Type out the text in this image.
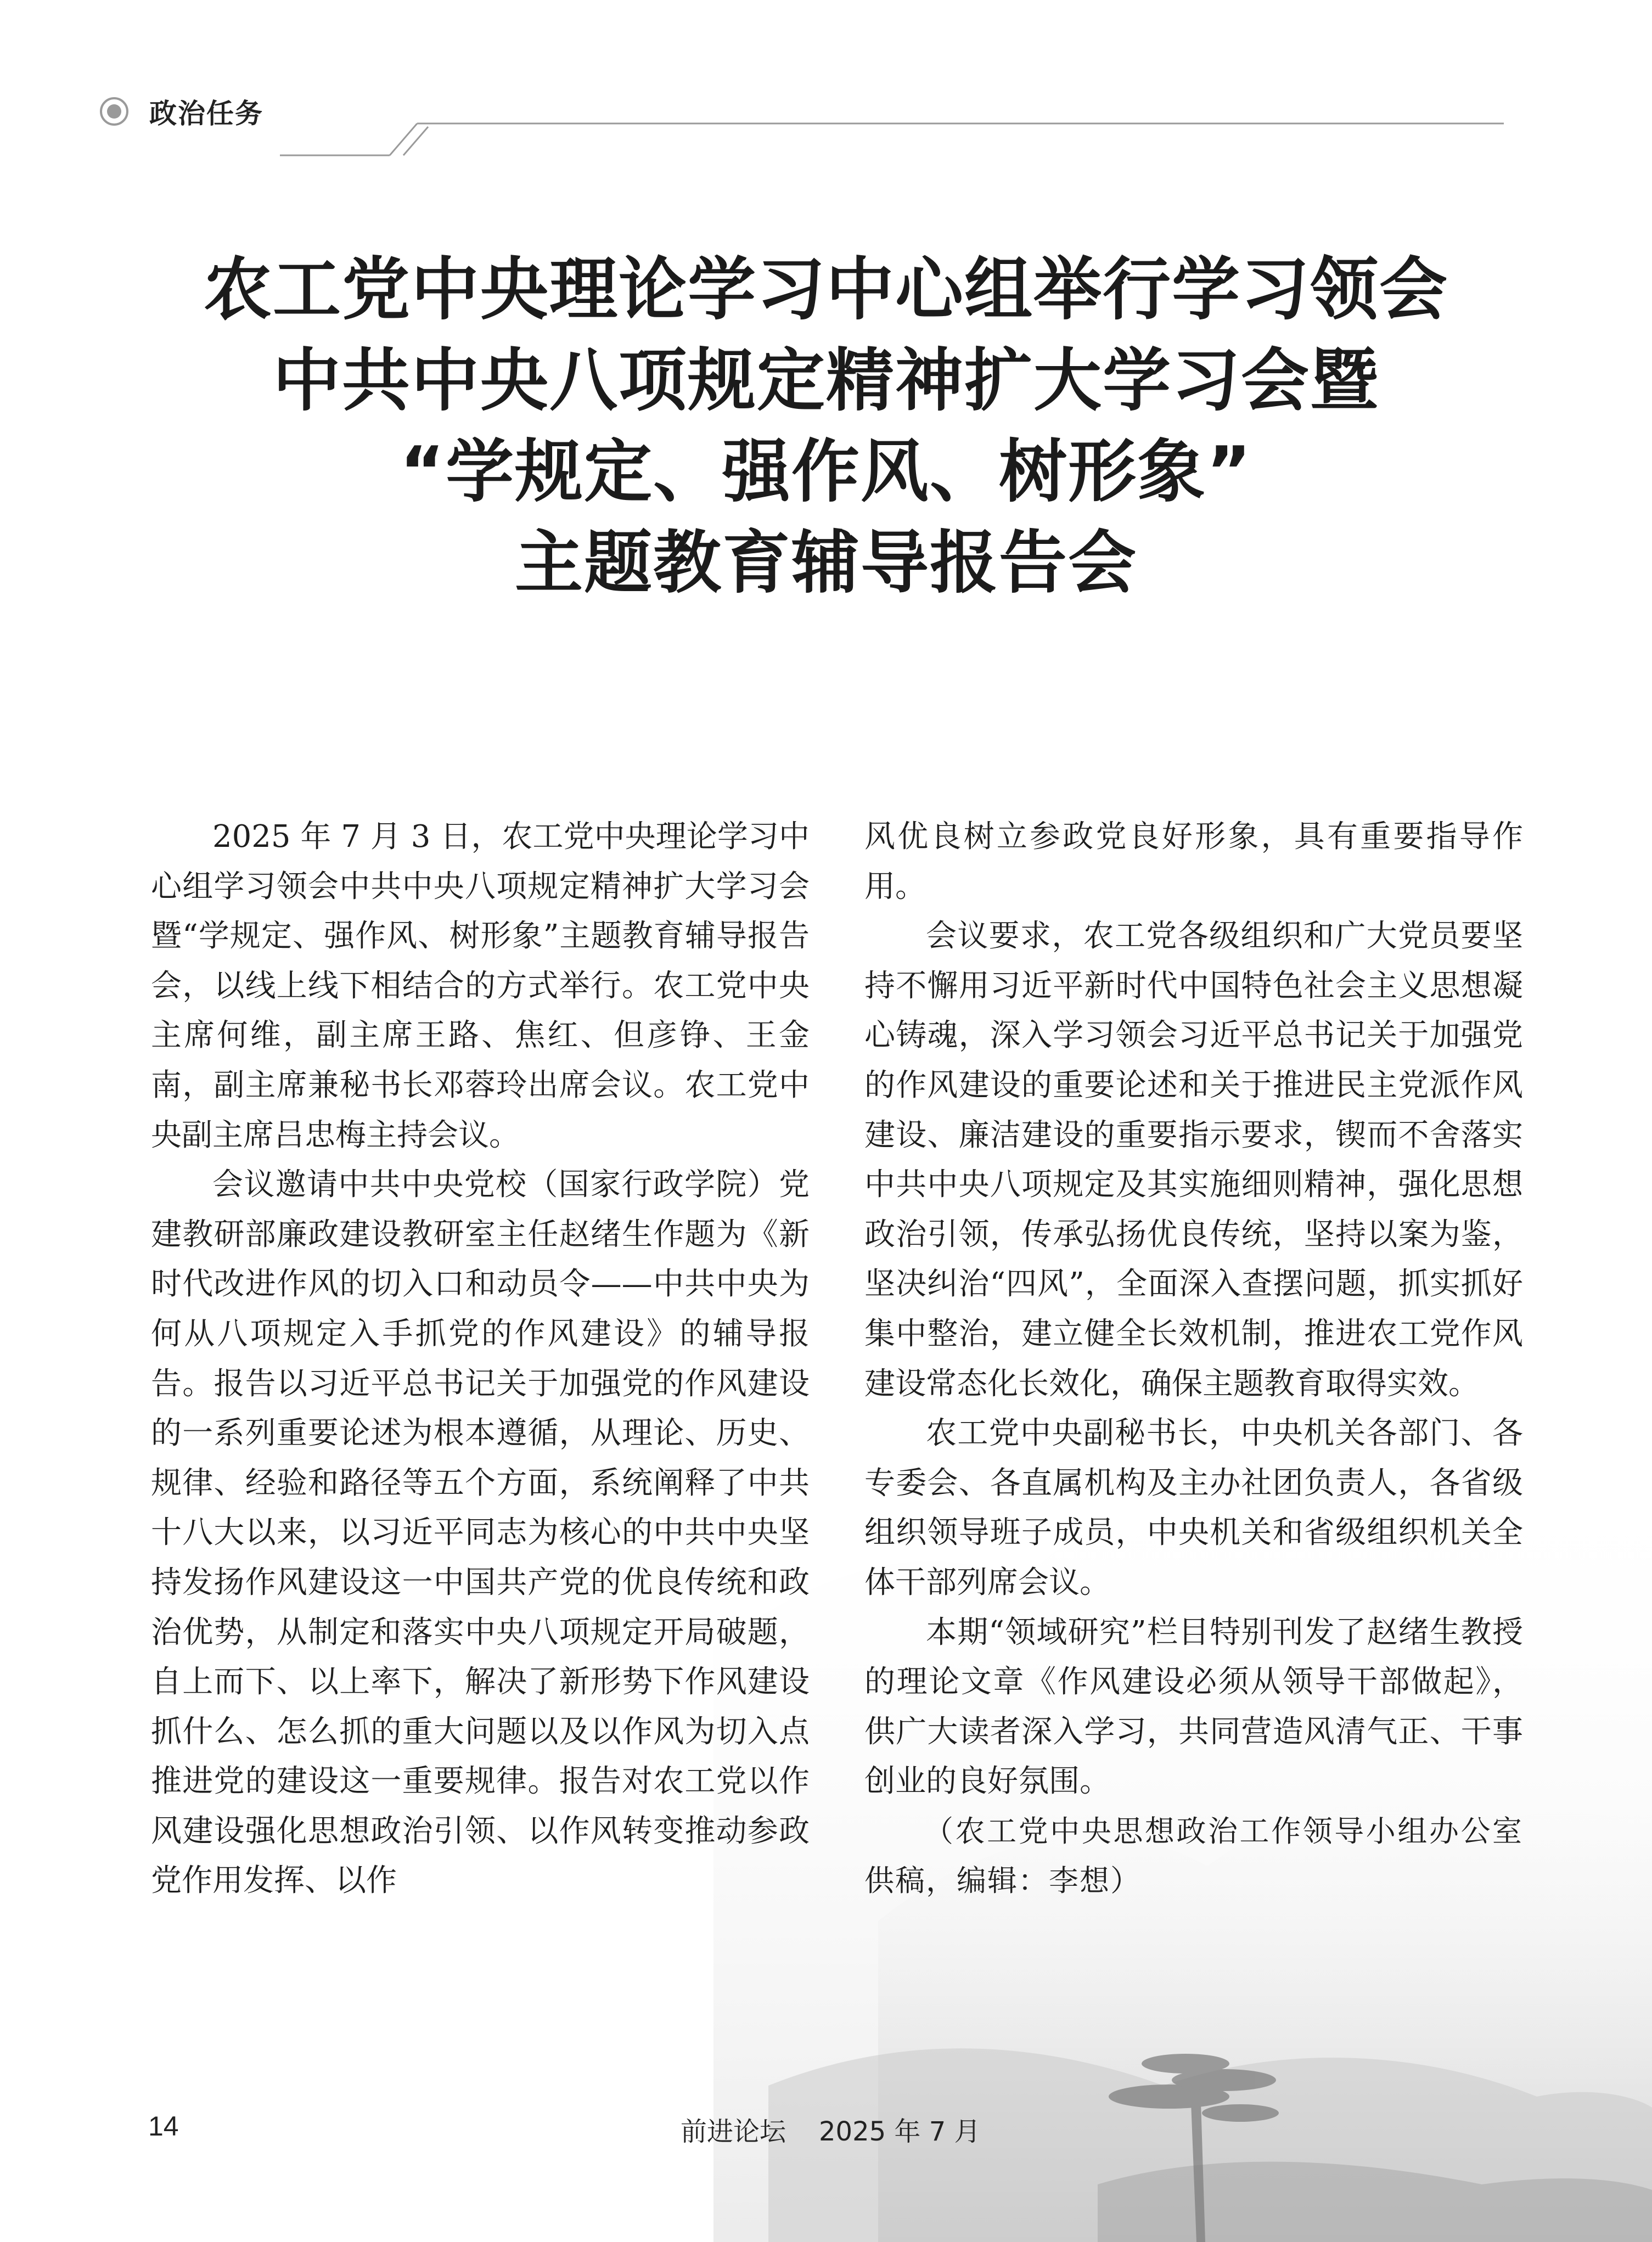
政治任务
农工党中央理论学习中心组举行学习领会
中共中央八项规定精神扩大学习会暨
“学规定、强作风、树形象”
主题教育辅导报告会

2025 年 7 月 3 日，农工党中央理论学习中心组学习领会中共中央八项规定精神扩大学习会暨“学规定、强作风、树形象”主题教育辅导报告会，以线上线下相结合的方式举行。农工党中央主席何维，副主席王路、焦红、但彦铮、王金南，副主席兼秘书长邓蓉玲出席会议。农工党中央副主席吕忠梅主持会议。

会议邀请中共中央党校（国家行政学院）党建教研部廉政建设教研室主任赵绪生作题为《新时代改进作风的切入口和动员令——中共中央为何从八项规定入手抓党的作风建设》的辅导报告。报告以习近平总书记关于加强党的作风建设的一系列重要论述为根本遵循，从理论、历史、规律、经验和路径等五个方面，系统阐释了中共十八大以来，以习近平同志为核心的中共中央坚持发扬作风建设这一中国共产党的优良传统和政治优势，从制定和落实中央八项规定开局破题，自上而下、以上率下，解决了新形势下作风建设抓什么、怎么抓的重大问题以及以作风为切入点推进党的建设这一重要规律。报告对农工党以作风建设强化思想政治引领、以作风转变推动参政党作用发挥、以作

风优良树立参政党良好形象，具有重要指导作用。

会议要求，农工党各级组织和广大党员要坚持不懈用习近平新时代中国特色社会主义思想凝心铸魂，深入学习领会习近平总书记关于加强党的作风建设的重要论述和关于推进民主党派作风建设、廉洁建设的重要指示要求，锲而不舍落实中共中央八项规定及其实施细则精神，强化思想政治引领，传承弘扬优良传统，坚持以案为鉴，坚决纠治“四风”，全面深入查摆问题，抓实抓好集中整治，建立健全长效机制，推进农工党作风建设常态化长效化，确保主题教育取得实效。

农工党中央副秘书长，中央机关各部门、各专委会、各直属机构及主办社团负责人，各省级组织领导班子成员，中央机关和省级组织机关全体干部列席会议。

本期“领域研究”栏目特别刊发了赵绪生教授的理论文章《作风建设必须从领导干部做起》，供广大读者深入学习，共同营造风清气正、干事创业的良好氛围。

（农工党中央思想政治工作领导小组办公室供稿，编辑：李想）

14	前进论坛 2025 年 7 月
